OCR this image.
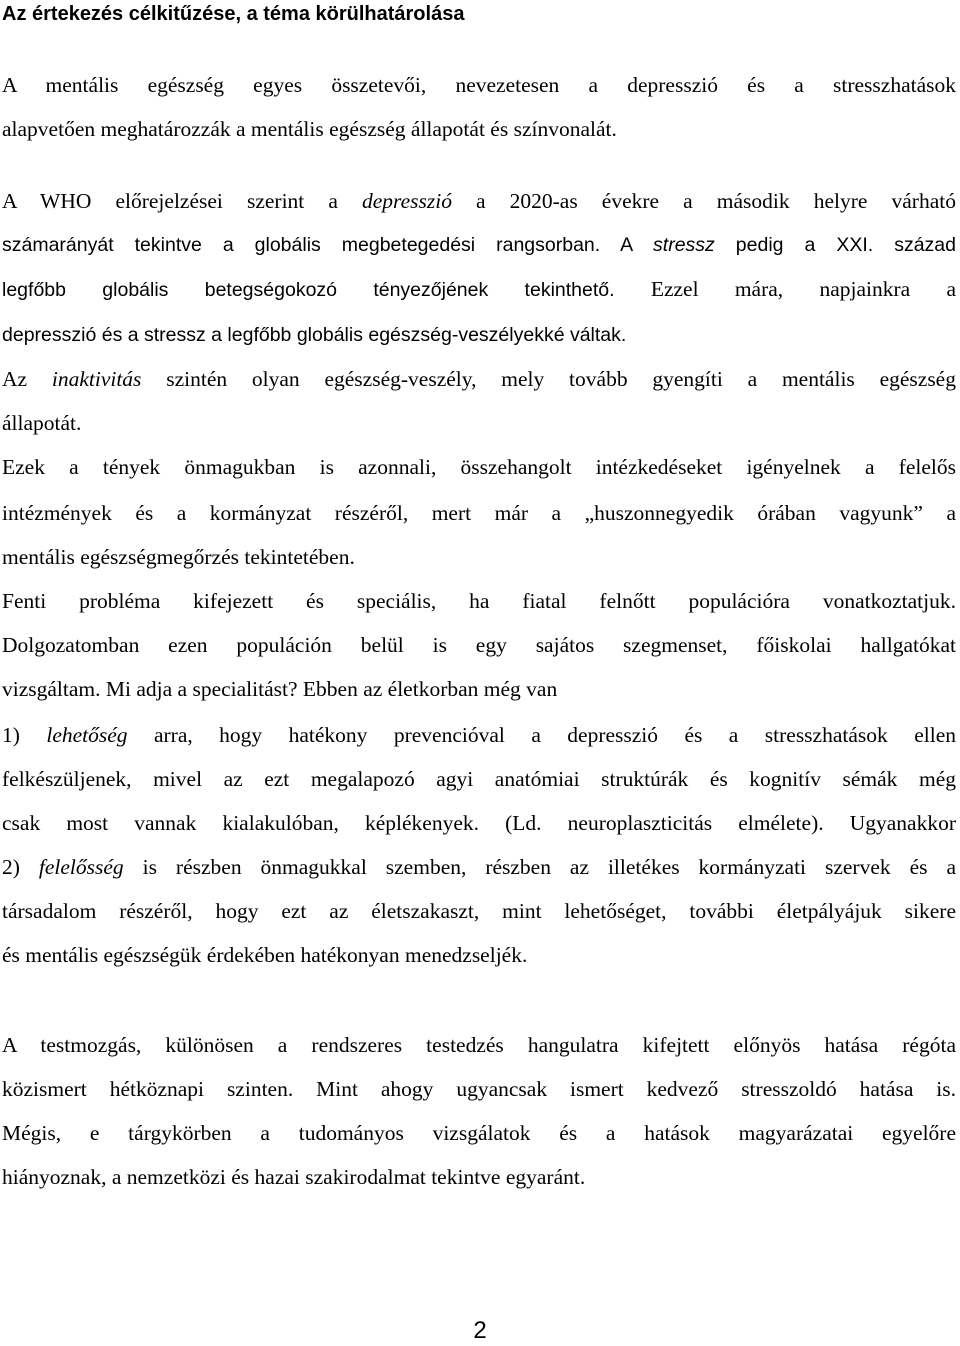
Az értekezés célkitűzése, a téma körülhatárolása
A mentális egészség egyes összetevői, nevezetesen a depresszió és a stresszhatások
alapvetően meghatározzák a mentális egészség állapotát és színvonalát.
A WHO előrejelzései szerint a depresszió a 2020-as évekre a második helyre várható
számarányát tekintve a globális megbetegedési rangsorban. A stressz pedig a XXI. század
legfőbb globális betegségokozó tényezőjének tekinthető. Ezzel mára, napjainkra a
depresszió és a stressz a legfőbb globális egészség-veszélyekké váltak.
Az inaktivitás szintén olyan egészség-veszély, mely tovább gyengíti a mentális egészség
állapotát.
Ezek a tények önmagukban is azonnali, összehangolt intézkedéseket igényelnek a felelős
intézmények és a kormányzat részéről, mert már a „huszonnegyedik órában vagyunk” a
mentális egészségmegőrzés tekintetében.
Fenti probléma kifejezett és speciális, ha fiatal felnőtt populációra vonatkoztatjuk.
Dolgozatomban ezen populáción belül is egy sajátos szegmenset, főiskolai hallgatókat
vizsgáltam. Mi adja a specialitást? Ebben az életkorban még van
1) lehetőség arra, hogy hatékony prevencióval a depresszió és a stresszhatások ellen
felkészüljenek, mivel az ezt megalapozó agyi anatómiai struktúrák és kognitív sémák még
csak most vannak kialakulóban, képlékenyek. (Ld. neuroplaszticitás elmélete). Ugyanakkor
2) felelősség is részben önmagukkal szemben, részben az illetékes kormányzati szervek és a
társadalom részéről, hogy ezt az életszakaszt, mint lehetőséget, további életpályájuk sikere
és mentális egészségük érdekében hatékonyan menedzseljék.
A testmozgás, különösen a rendszeres testedzés hangulatra kifejtett előnyös hatása régóta
közismert hétköznapi szinten. Mint ahogy ugyancsak ismert kedvező stresszoldó hatása is.
Mégis, e tárgykörben a tudományos vizsgálatok és a hatások magyarázatai egyelőre
hiányoznak, a nemzetközi és hazai szakirodalmat tekintve egyaránt.
2
